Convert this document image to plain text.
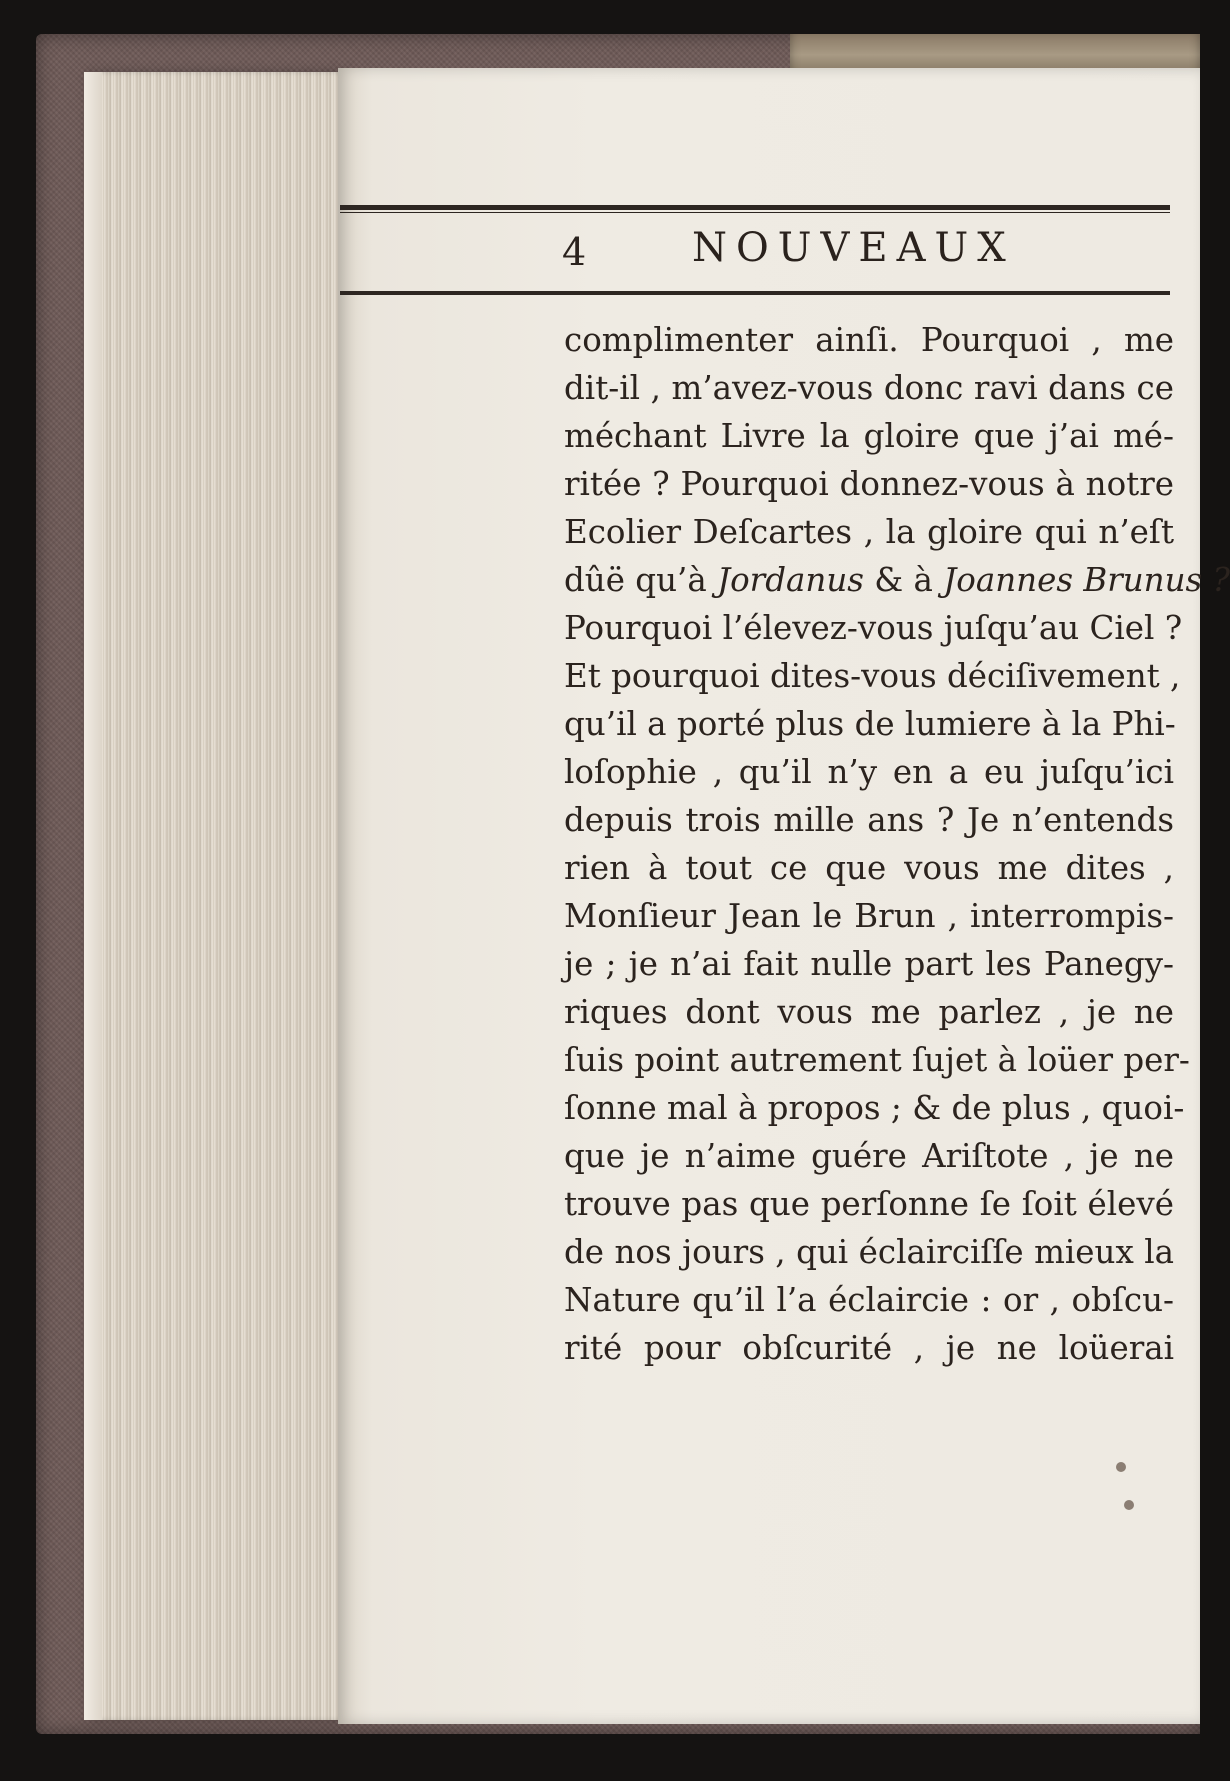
4	NOUVEAUX
complimenter ainſi. Pourquoi , me
dit-il , m’avez-vous donc ravi dans ce
méchant Livre la gloire que j’ai mé-
ritée ? Pourquoi donnez-vous à notre
Ecolier Deſcartes , la gloire qui n’eſt
dûë qu’à Jordanus & à Joannes Brunus ?
Pourquoi l’élevez-vous juſqu’au Ciel ?
Et pourquoi dites-vous déciſivement ,
qu’il a porté plus de lumiere à la Phi-
loſophie , qu’il n’y en a eu juſqu’ici
depuis trois mille ans ? Je n’entends
rien à tout ce que vous me dites ,
Monſieur Jean le Brun , interrompis-
je ; je n’ai fait nulle part les Panegy-
riques dont vous me parlez , je ne
ſuis point autrement ſujet à loüer per-
ſonne mal à propos ; & de plus , quoi-
que je n’aime guére Ariſtote , je ne
trouve pas que perſonne ſe ſoit élevé
de nos jours , qui éclairciſſe mieux la
Nature qu’il l’a éclaircie : or , obſcu-
rité pour obſcurité , je ne loüerai
